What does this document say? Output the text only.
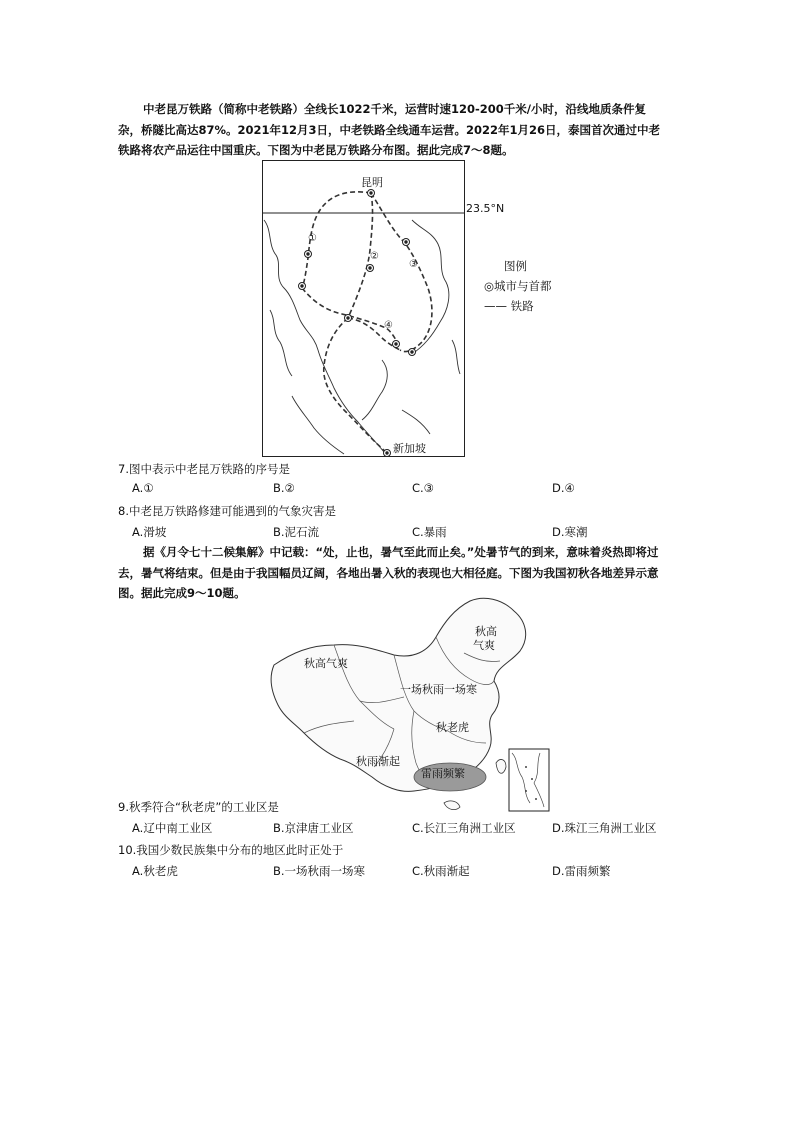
中老昆万铁路（简称中老铁路）全线长1022千米，运营时速120-200千米/小时，沿线地质条件复杂，桥隧比高达87%。2021年12月3日，中老铁路全线通车运营。2022年1月26日，泰国首次通过中老铁路将农产品运往中国重庆。下图为中老昆万铁路分布图。据此完成7～8题。

昆明
新加坡
①
②
③
④
23.5°N
图例
◎城市与首都
—— 铁路

7.图中表示中老昆万铁路的序号是

A.①	B.②	C.③	D.④

8.中老昆万铁路修建可能遇到的气象灾害是

A.滑坡	B.泥石流	C.暴雨	D.寒潮

据《月令七十二候集解》中记载：“处，止也，暑气至此而止矣。”处暑节气的到来，意味着炎热即将过去，暑气将结束。但是由于我国幅员辽阔，各地出暑入秋的表现也大相径庭。下图为我国初秋各地差异示意图。据此完成9～10题。

秋高气爽
秋高
气爽
一场秋雨一场寒
秋老虎
秋雨渐起
雷雨频繁

9.秋季符合“秋老虎”的工业区是

A.辽中南工业区	B.京津唐工业区	C.长江三角洲工业区	D.珠江三角洲工业区

10.我国少数民族集中分布的地区此时正处于

A.秋老虎	B.一场秋雨一场寒	C.秋雨渐起	D.雷雨频繁
